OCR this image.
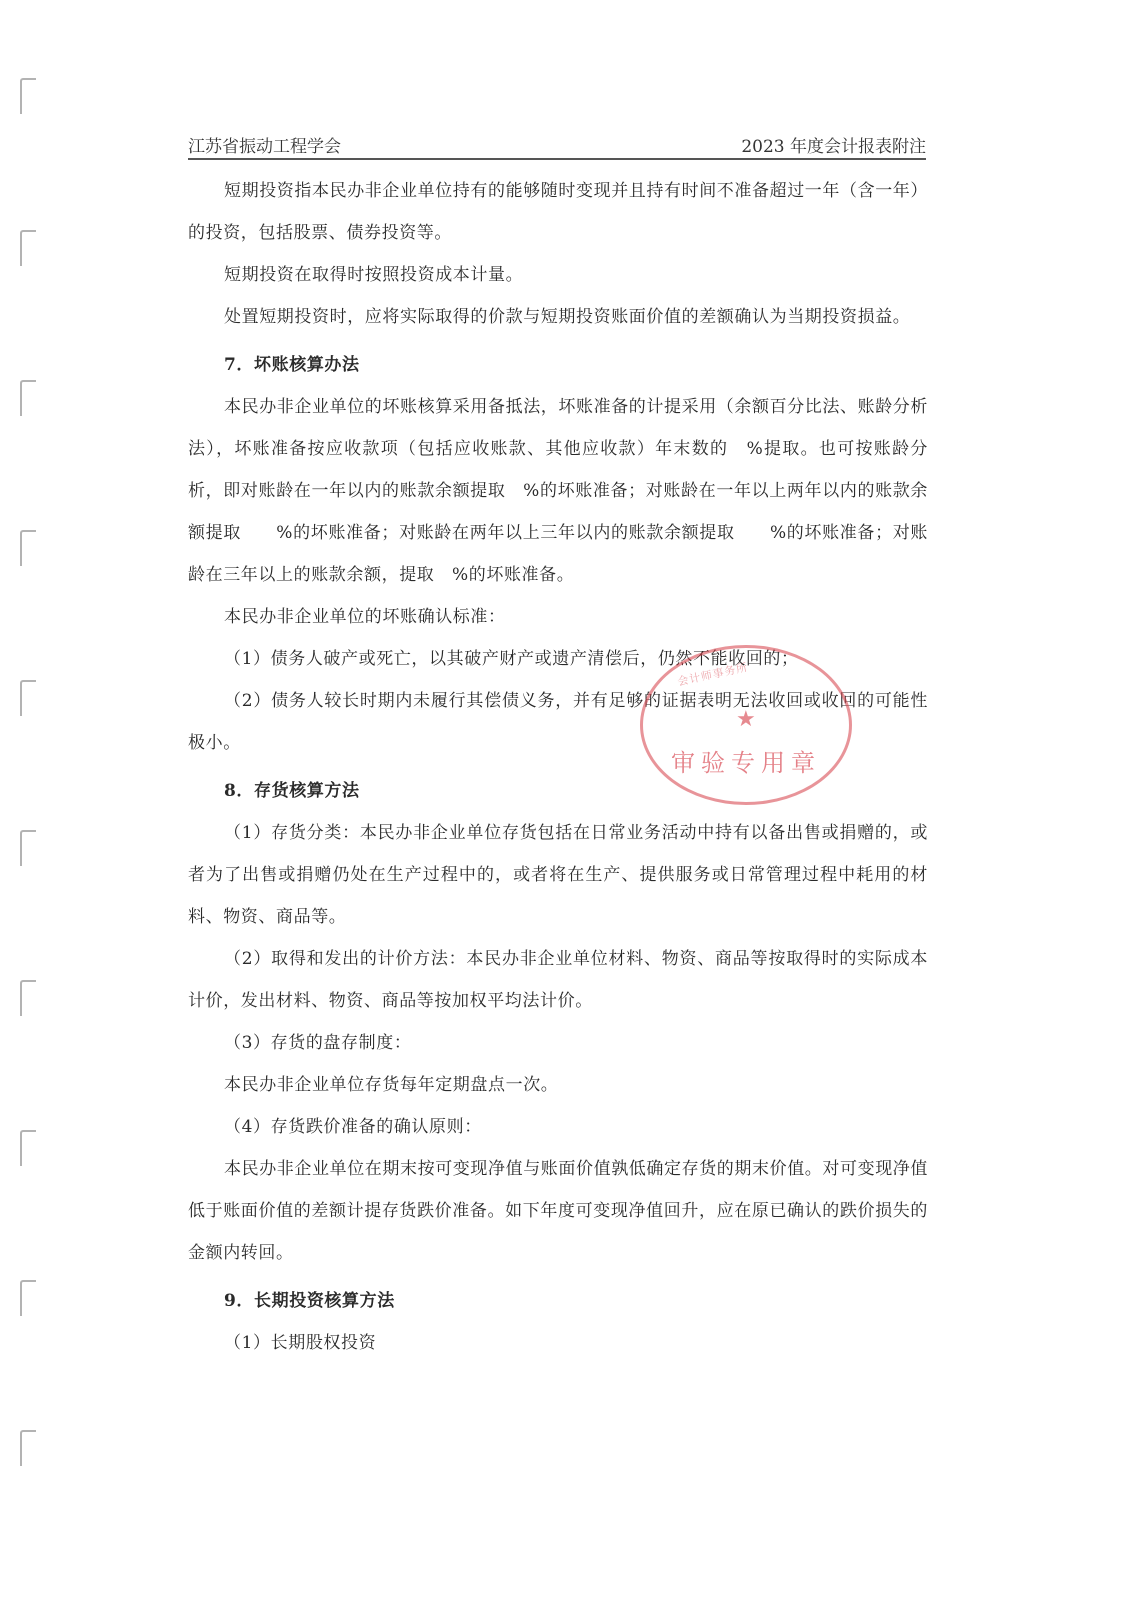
江苏省振动工程学会	2023 年度会计报表附注

短期投资指本民办非企业单位持有的能够随时变现并且持有时间不准备超过一年（含一年）的投资，包括股票、债券投资等。

短期投资在取得时按照投资成本计量。

处置短期投资时，应将实际取得的价款与短期投资账面价值的差额确认为当期投资损益。

7．坏账核算办法

本民办非企业单位的坏账核算采用备抵法，坏账准备的计提采用（余额百分比法、账龄分析法），坏账准备按应收款项（包括应收账款、其他应收款）年末数的　%提取。也可按账龄分析，即对账龄在一年以内的账款余额提取　%的坏账准备；对账龄在一年以上两年以内的账款余额提取　　%的坏账准备；对账龄在两年以上三年以内的账款余额提取　　%的坏账准备；对账龄在三年以上的账款余额，提取　%的坏账准备。

本民办非企业单位的坏账确认标准：

（1）债务人破产或死亡，以其破产财产或遗产清偿后，仍然不能收回的；

（2）债务人较长时期内未履行其偿债义务，并有足够的证据表明无法收回或收回的可能性极小。

8．存货核算方法

（1）存货分类：本民办非企业单位存货包括在日常业务活动中持有以备出售或捐赠的，或者为了出售或捐赠仍处在生产过程中的，或者将在生产、提供服务或日常管理过程中耗用的材料、物资、商品等。

（2）取得和发出的计价方法：本民办非企业单位材料、物资、商品等按取得时的实际成本计价，发出材料、物资、商品等按加权平均法计价。

（3）存货的盘存制度：

本民办非企业单位存货每年定期盘点一次。

（4）存货跌价准备的确认原则：

本民办非企业单位在期末按可变现净值与账面价值孰低确定存货的期末价值。对可变现净值低于账面价值的差额计提存货跌价准备。如下年度可变现净值回升，应在原已确认的跌价损失的金额内转回。

9．长期投资核算方法

（1）长期股权投资

会计师事务所
★
审验专用章
